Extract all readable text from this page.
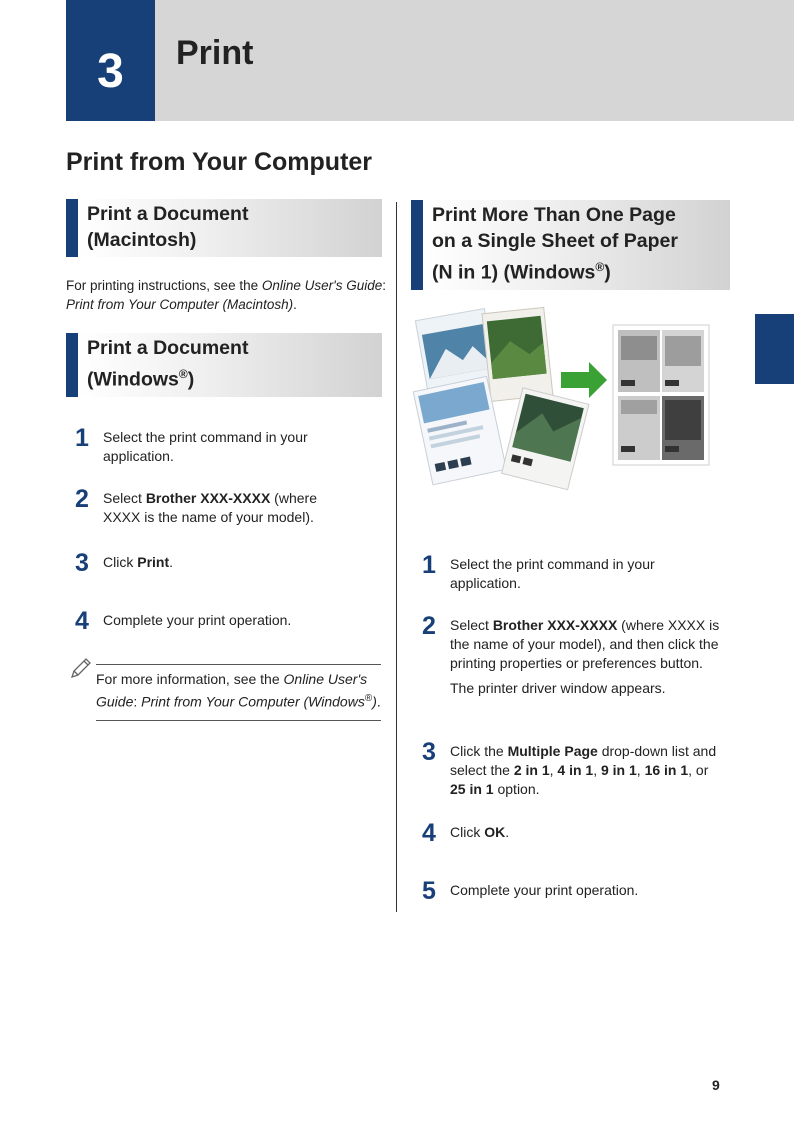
3	Print
Print from Your Computer
Print a Document
(Macintosh)
For printing instructions, see the Online User's Guide: Print from Your Computer (Macintosh).
Print a Document
(Windows®)
1	Select the print command in your application.

2	Select Brother XXX-XXXX (where XXXX is the name of your model).

3	Click Print.

4	Complete your print operation.

For more information, see the Online User's Guide: Print from Your Computer (Windows®).
Print More Than One Page
on a Single Sheet of Paper
(N in 1) (Windows®)
1	Select the print command in your application.

2	Select Brother XXX-XXXX (where XXXX is the name of your model), and then click the printing properties or preferences button.

The printer driver window appears.

3	Click the Multiple Page drop-down list and select the 2 in 1, 4 in 1, 9 in 1, 16 in 1, or 25 in 1 option.

4	Click OK.

5	Complete your print operation.

9
